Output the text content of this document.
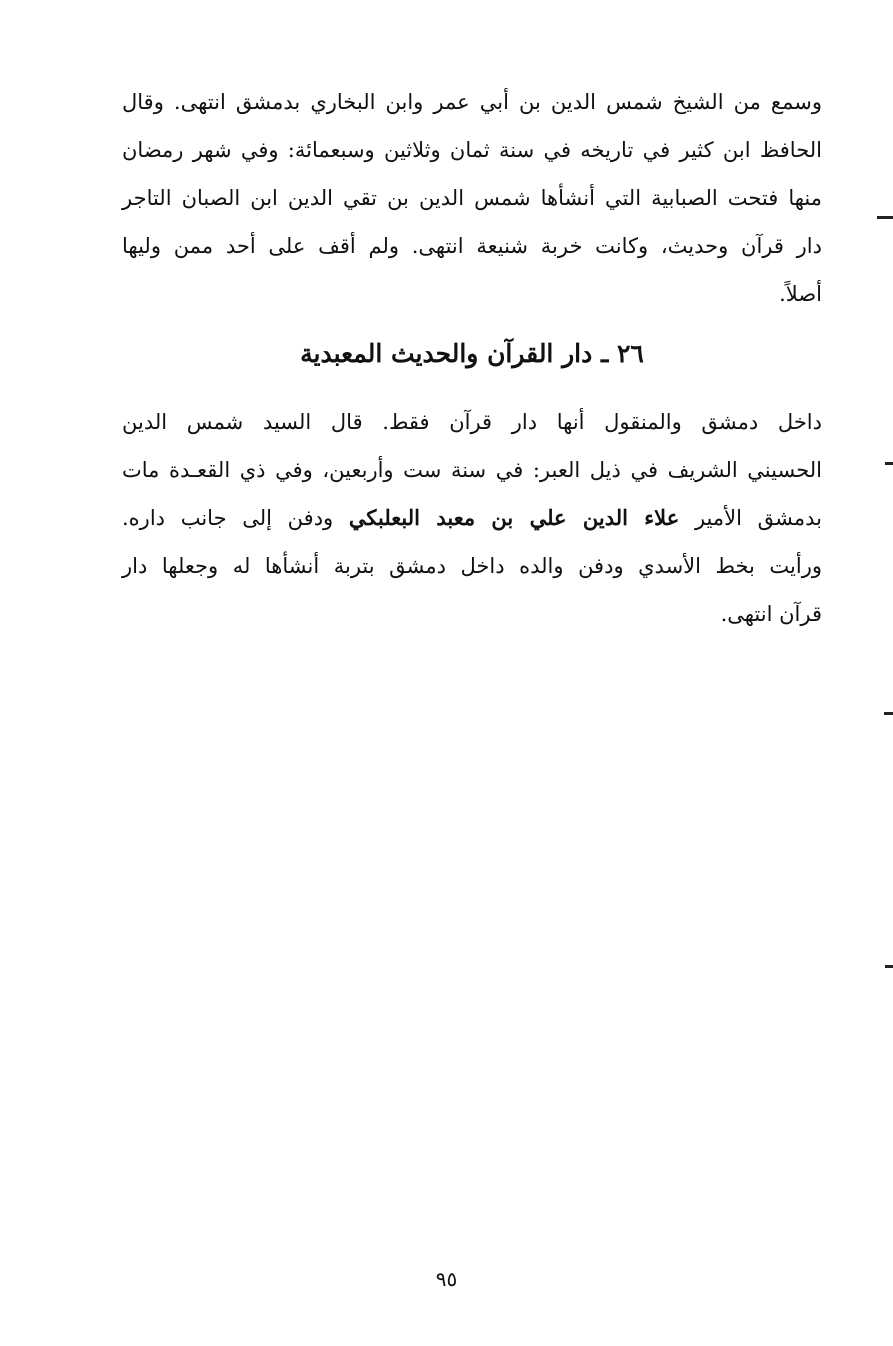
وسمع من الشيخ شمس الدين بن أبي عمر وابن البخاري بدمشق انتهى. وقال
الحافظ ابن كثير في تاريخه في سنة ثمان وثلاثين وسبعمائة: وفي شهر رمضان
منها فتحت الصبابية التي أنشأها شمس الدين بن تقي الدين ابن الصبان التاجر
دار قرآن وحديث، وكانت خربة شنيعة انتهى. ولم أقف على أحد ممن وليها
أصلاً.
٢٦ ـ دار القرآن والحديث المعبدية
داخل دمشق والمنقول أنها دار قرآن فقط. قال السيد شمس الدين
الحسيني الشريف في ذيل العبر: في سنة ست وأربعين، وفي ذي القعـدة مات
بدمشق الأمير علاء الدين علي بن معبد البعلبكي ودفن إلى جانب داره.
ورأيت بخط الأسدي ودفن والده داخل دمشق بتربة أنشأها له وجعلها دار
قرآن انتهى.
٩٥
